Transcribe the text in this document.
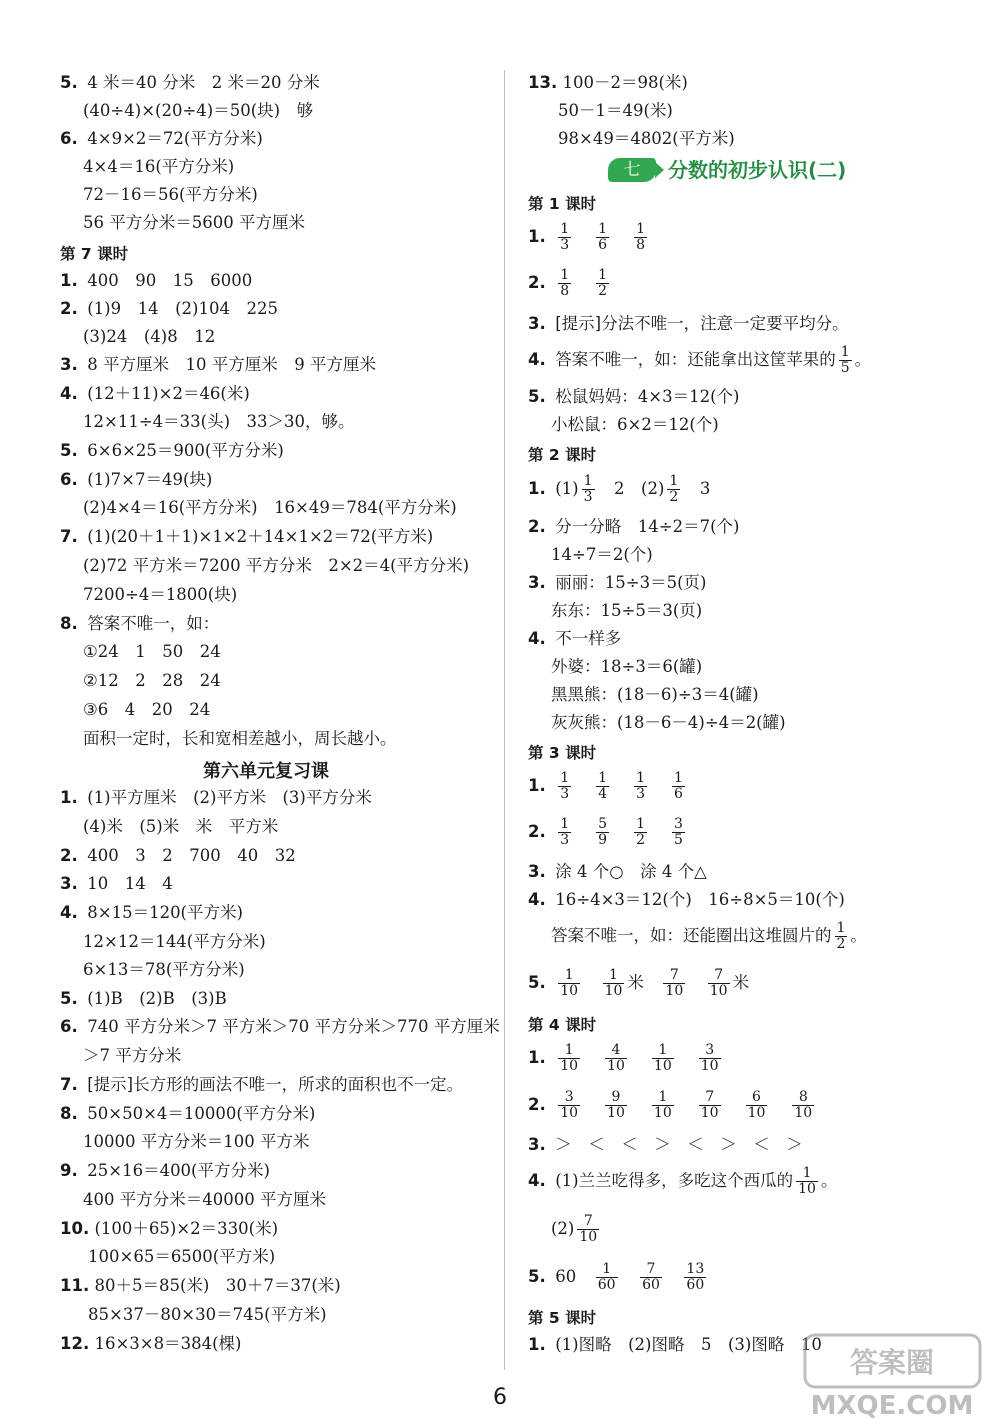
5. 4 米＝40 分米　2 米＝20 分米
(40÷4)×(20÷4)＝50(块)　够
6. 4×9×2＝72(平方分米)
4×4＝16(平方分米)
72－16＝56(平方分米)
56 平方分米＝5600 平方厘米
第 7 课时
1. 400　90　15　6000
2. (1)9　14　(2)104　225
(3)24　(4)8　12
3. 8 平方厘米　10 平方厘米　9 平方厘米
4. (12＋11)×2＝46(米)
12×11÷4＝33(头)　33＞30，够。
5. 6×6×25＝900(平方分米)
6. (1)7×7＝49(块)
(2)4×4＝16(平方分米)　16×49＝784(平方分米)
7. (1)(20＋1＋1)×1×2＋14×1×2＝72(平方米)
(2)72 平方米＝7200 平方分米　2×2＝4(平方分米)
7200÷4＝1800(块)
8. 答案不唯一，如：
①24　1　50　24
②12　2　28　24
③6　4　20　24
面积一定时，长和宽相差越小，周长越小。
第六单元复习课
1. (1)平方厘米　(2)平方米　(3)平方分米
(4)米　(5)米　米　平方米
2. 400　3　2　700　40　32
3. 10　14　4
4. 8×15＝120(平方米)
12×12＝144(平方分米)
6×13＝78(平方分米)
5. (1)B　(2)B　(3)B
6. 740 平方分米＞7 平方米＞70 平方分米＞770 平方厘米
＞7 平方分米
7. [提示]长方形的画法不唯一，所求的面积也不一定。
8. 50×50×4＝10000(平方分米)
10000 平方分米＝100 平方米
9. 25×16＝400(平方分米)
400 平方分米＝40000 平方厘米
10. (100＋65)×2＝330(米)
100×65＝6500(平方米)
11. 80＋5＝85(米)　30＋7＝37(米)
85×37－80×30＝745(平方米)
12. 16×3×8＝384(棵)
13. 100－2＝98(米)
50－1＝49(米)
98×49＝4802(平方米)
七	分数的初步认识(二)
第 1 课时
1. $\frac{1}{3} \frac{1}{6} \frac{1}{8}$
2. $\frac{1}{8} \frac{1}{2}$
3. [提示]分法不唯一，注意一定要平均分。
4. 答案不唯一，如：还能拿出这筐苹果的 $\frac{1}{5}$ 。
5. 松鼠妈妈：4×3＝12(个)
小松鼠：6×2＝12(个)
第 2 课时
1. $(1) \frac{1}{3}$ 　2　$(2) \frac{1}{2}$ 　3
2. 分一分略　14÷2＝7(个)
14÷7＝2(个)
3. 丽丽：15÷3＝5(页)
东东：15÷5＝3(页)
4. 不一样多
外婆：18÷3＝6(罐)
黑黑熊：(18－6)÷3＝4(罐)
灰灰熊：(18－6－4)÷4＝2(罐)
第 3 课时
1. $\frac{1}{3} \frac{1}{4} \frac{1}{3} \frac{1}{6}$
2. $\frac{1}{3} \frac{5}{9} \frac{1}{2} \frac{3}{5}$
3. 涂 4 个○　涂 4 个△
4. 16÷4×3＝12(个)　16÷8×5＝10(个)
答案不唯一，如：还能圈出这堆圆片的 $\frac{1}{2}$ 。
5. $\frac{1}{10}$
　 $\frac{1}{10}$ 米　 $\frac{7}{10}$
　 $\frac{7}{10}$ 米
第 4 课时
1. $\frac{1}{10} \frac{4}{10} \frac{1}{10} \frac{3}{10}$
2. $\frac{3}{10} \frac{9}{10} \frac{1}{10} \frac{7}{10} \frac{6}{10} \frac{8}{10}$
3. ＞　＜　＜　＞　＜　＞　＜　＞
4. (1)兰兰吃得多，多吃这个西瓜的 $\frac{1}{10}$ 。
$(2) \frac{7}{10}$
5. 60　 $\frac{1}{60}$
　 $\frac{7}{60}$
　 $\frac{13}{60}$
第 5 课时
1. (1)图略　(2)图略　5　(3)图略　10
6
答案圈
MXQE.COM
